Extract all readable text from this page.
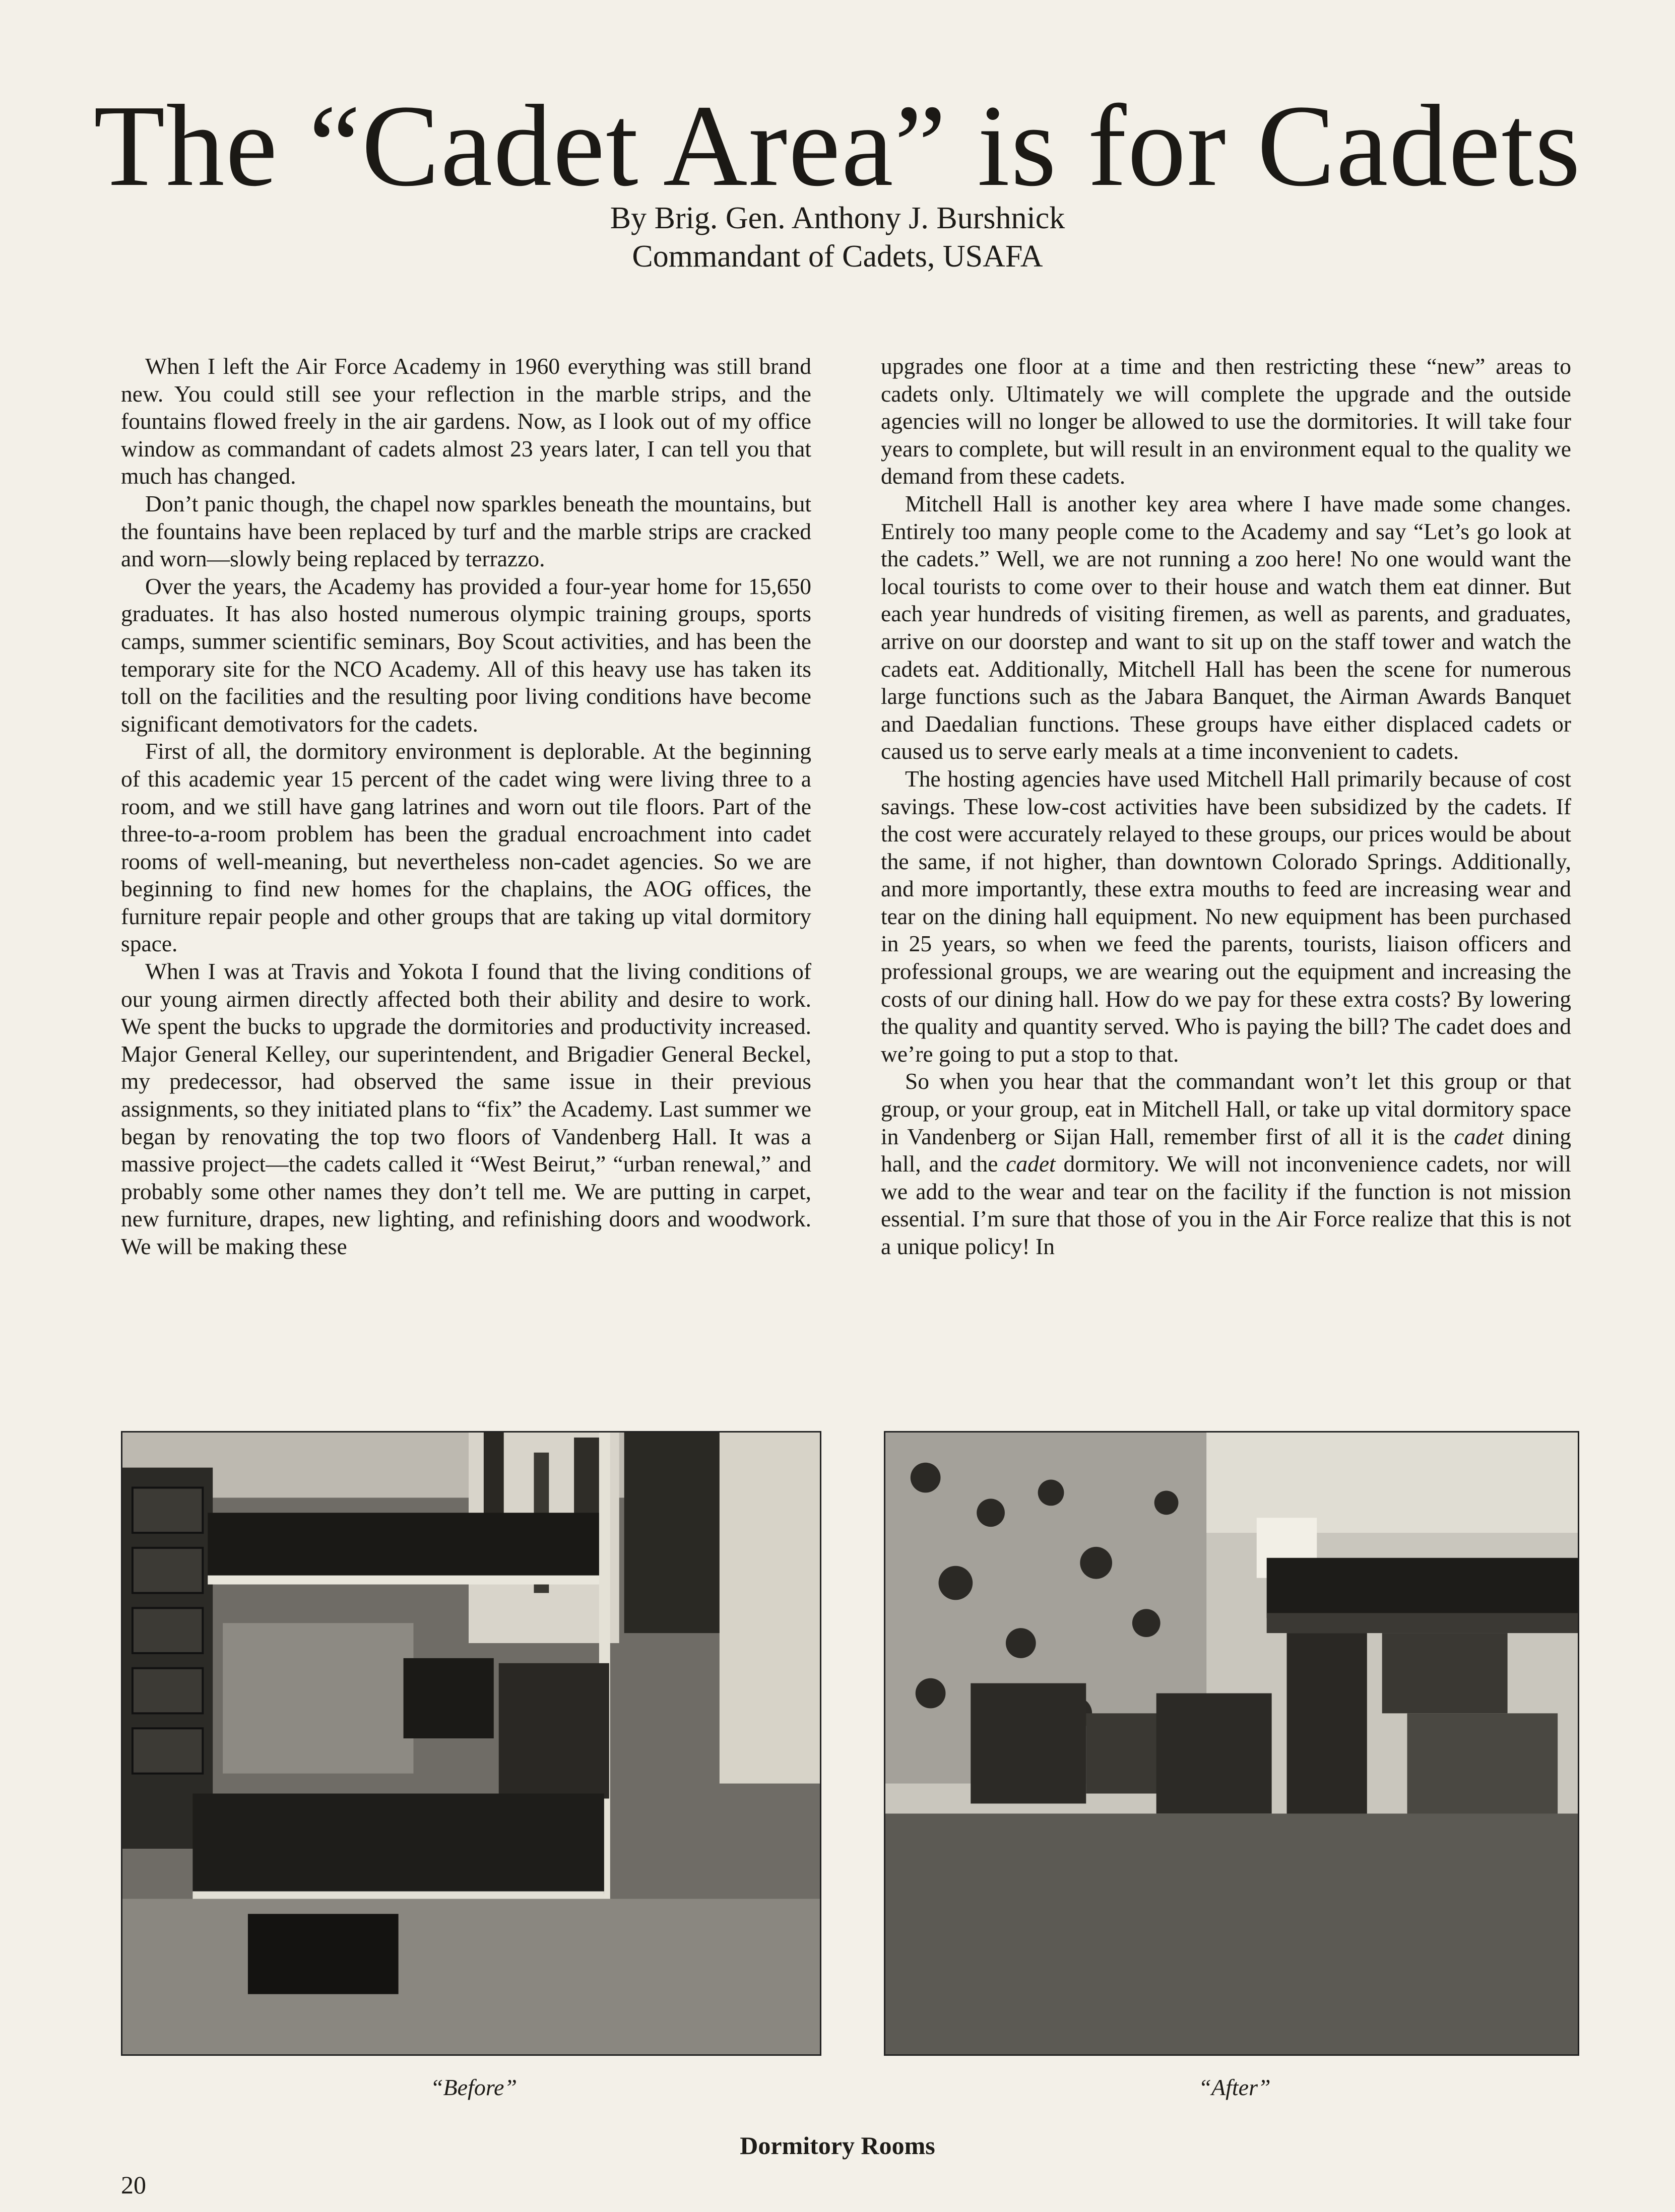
The “Cadet Area” is for Cadets
By Brig. Gen. Anthony J. Burshnick
Commandant of Cadets, USAFA

When I left the Air Force Academy in 1960 everything was still brand new. You could still see your reflection in the marble strips, and the fountains flowed freely in the air gardens. Now, as I look out of my office window as commandant of cadets almost 23 years later, I can tell you that much has changed.

Don’t panic though, the chapel now sparkles beneath the mountains, but the fountains have been replaced by turf and the marble strips are cracked and worn—slowly being replaced by terrazzo.

Over the years, the Academy has provided a four-year home for 15,650 graduates. It has also hosted numerous olympic training groups, sports camps, summer scientific seminars, Boy Scout activities, and has been the temporary site for the NCO Academy. All of this heavy use has taken its toll on the facilities and the resulting poor living conditions have become significant demotivators for the cadets.

First of all, the dormitory environment is deplorable. At the beginning of this academic year 15 percent of the cadet wing were living three to a room, and we still have gang latrines and worn out tile floors. Part of the three-to-a-room problem has been the gradual encroachment into cadet rooms of well-meaning, but nevertheless non-cadet agencies. So we are beginning to find new homes for the chaplains, the AOG offices, the furniture repair people and other groups that are taking up vital dormitory space.

When I was at Travis and Yokota I found that the living conditions of our young airmen directly affected both their ability and desire to work. We spent the bucks to upgrade the dormitories and productivity increased. Major General Kelley, our superintendent, and Brigadier General Beckel, my predecessor, had observed the same issue in their previous assignments, so they initiated plans to “fix” the Academy. Last summer we began by renovating the top two floors of Vandenberg Hall. It was a massive project—the cadets called it “West Beirut,” “urban renewal,” and probably some other names they don’t tell me. We are putting in carpet, new furniture, drapes, new lighting, and refinishing doors and woodwork. We will be making these

upgrades one floor at a time and then restricting these “new” areas to cadets only. Ultimately we will complete the upgrade and the outside agencies will no longer be allowed to use the dormitories. It will take four years to complete, but will result in an environment equal to the quality we demand from these cadets.

Mitchell Hall is another key area where I have made some changes. Entirely too many people come to the Academy and say “Let’s go look at the cadets.” Well, we are not running a zoo here! No one would want the local tourists to come over to their house and watch them eat dinner. But each year hundreds of visiting firemen, as well as parents, and graduates, arrive on our doorstep and want to sit up on the staff tower and watch the cadets eat. Additionally, Mitchell Hall has been the scene for numerous large functions such as the Jabara Banquet, the Airman Awards Banquet and Daedalian functions. These groups have either displaced cadets or caused us to serve early meals at a time inconvenient to cadets.

The hosting agencies have used Mitchell Hall primarily because of cost savings. These low-cost activities have been subsidized by the cadets. If the cost were accurately relayed to these groups, our prices would be about the same, if not higher, than downtown Colorado Springs. Additionally, and more importantly, these extra mouths to feed are increasing wear and tear on the dining hall equipment. No new equipment has been purchased in 25 years, so when we feed the parents, tourists, liaison officers and professional groups, we are wearing out the equipment and increasing the costs of our dining hall. How do we pay for these extra costs? By lowering the quality and quantity served. Who is paying the bill? The cadet does and we’re going to put a stop to that.

So when you hear that the commandant won’t let this group or that group, or your group, eat in Mitchell Hall, or take up vital dormitory space in Vandenberg or Sijan Hall, remember first of all it is the cadet dining hall, and the cadet dormitory. We will not inconvenience cadets, nor will we add to the wear and tear on the facility if the function is not mission essential. I’m sure that those of you in the Air Force realize that this is not a unique policy! In

“Before”	“After”
Dormitory Rooms
20
